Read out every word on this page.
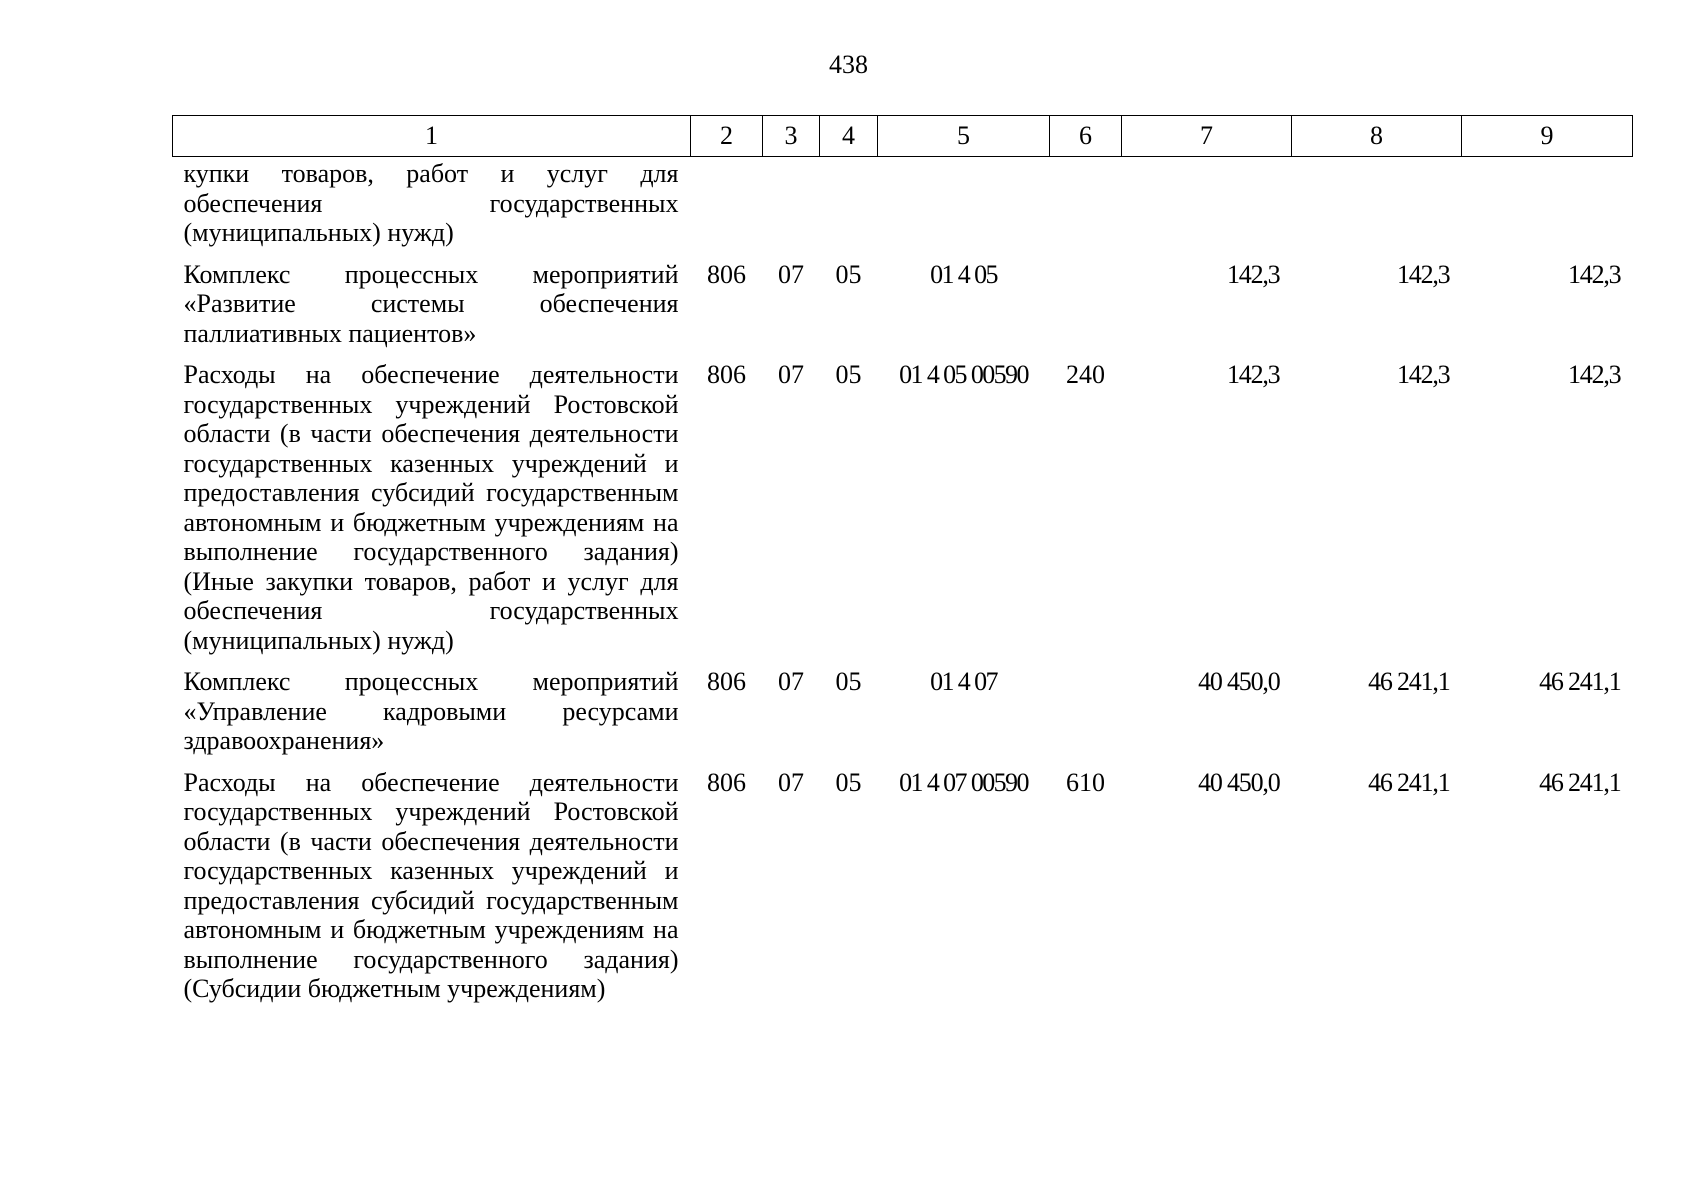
438
1	2	3	4	5	6	7	8	9
купки товаров, работ и услуг для обеспечения государственных (муниципальных) нужд)								
Комплекс процессных мероприятий «Развитие системы обеспечения паллиативных пациентов»	806	07	05	01 4 05		142,3	142,3	142,3
Расходы на обеспечение деятельности государственных учреждений Ростовской области (в части обеспечения деятельности государственных казенных учреждений и предоставления субсидий государственным автономным и бюджетным учреждениям на выполнение государственного задания) (Иные закупки товаров, работ и услуг для обеспечения государственных (муниципальных) нужд)	806	07	05	01 4 05 00590	240	142,3	142,3	142,3
Комплекс процессных мероприятий «Управление кадровыми ресурсами здравоохранения»	806	07	05	01 4 07		40 450,0	46 241,1	46 241,1
Расходы на обеспечение деятельности государственных учреждений Ростовской области (в части обеспечения деятельности государственных казенных учреждений и предоставления субсидий государственным автономным и бюджетным учреждениям на выполнение государственного задания) (Субсидии бюджетным учреждениям)	806	07	05	01 4 07 00590	610	40 450,0	46 241,1	46 241,1
